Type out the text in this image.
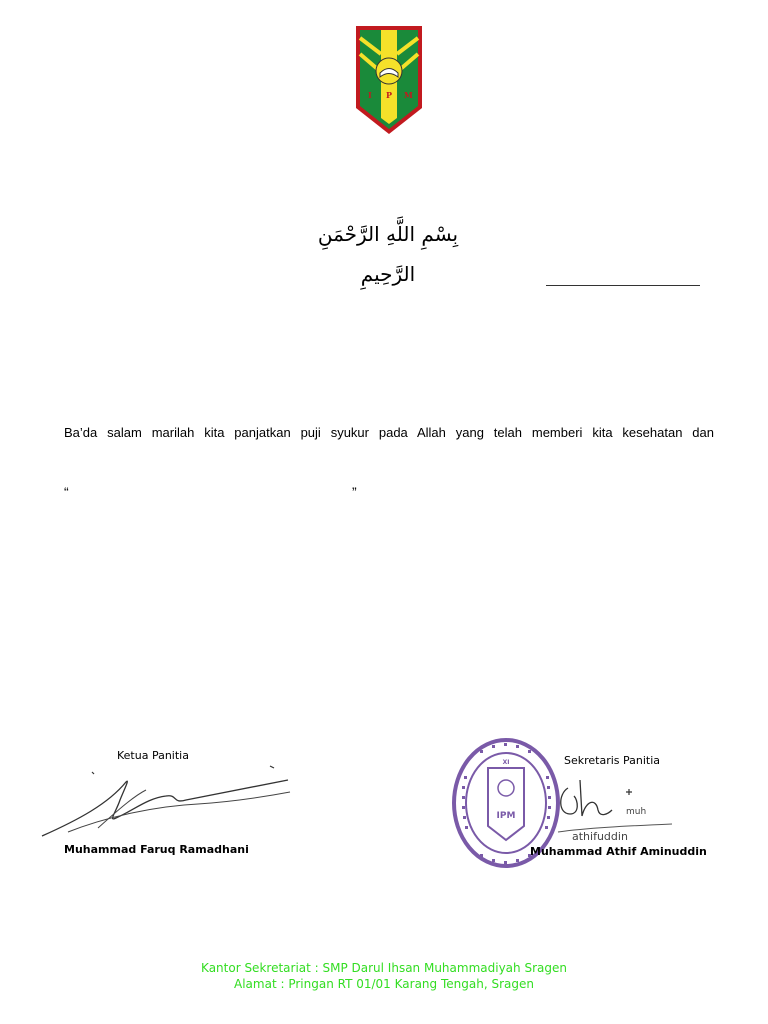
I P M
بِسْمِ اللَّهِ الرَّحْمَنِ الرَّحِيمِ
Ba’da salam marilah kita panjatkan puji syukur pada Allah yang telah memberi kita kesehatan dan
“	”
Ketua Panitia
Muhammad Faruq Ramadhani
XI
IPM
Sekretaris Panitia
muh
athifuddin
Muhammad Athif Aminuddin
Kantor Sekretariat : SMP Darul Ihsan Muhammadiyah Sragen
Alamat : Pringan RT 01/01 Karang Tengah, Sragen
